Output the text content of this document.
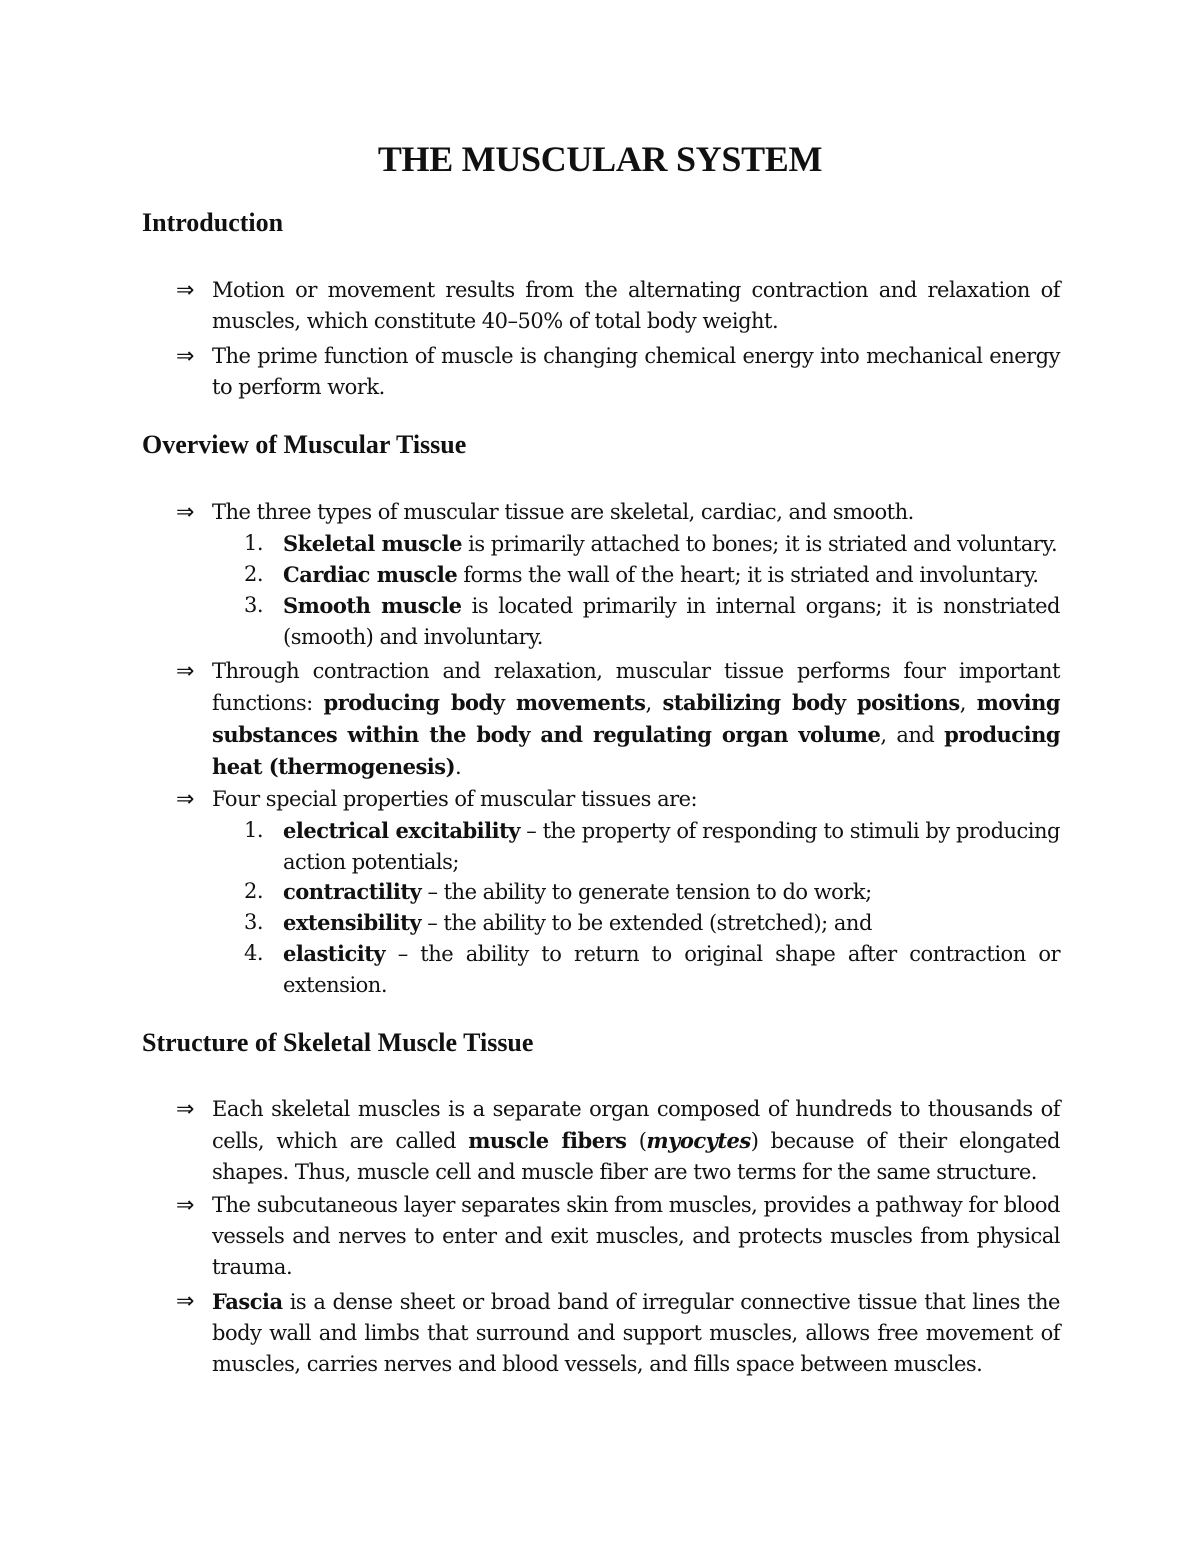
THE MUSCULAR SYSTEM
Introduction
⇒ Motion or movement results from the alternating contraction and relaxation of muscles, which constitute 40–50% of total body weight.
⇒ The prime function of muscle is changing chemical energy into mechanical energy to perform work.
Overview of Muscular Tissue
⇒ The three types of muscular tissue are skeletal, cardiac, and smooth.
1. Skeletal muscle is primarily attached to bones; it is striated and voluntary.
2. Cardiac muscle forms the wall of the heart; it is striated and involuntary.
3. Smooth muscle is located primarily in internal organs; it is nonstriated (smooth) and involuntary.
⇒ Through contraction and relaxation, muscular tissue performs four important functions: producing body movements, stabilizing body positions, moving substances within the body and regulating organ volume, and producing heat (thermogenesis).
⇒ Four special properties of muscular tissues are:
1. electrical excitability – the property of responding to stimuli by producing action potentials;
2. contractility – the ability to generate tension to do work;
3. extensibility – the ability to be extended (stretched); and
4. elasticity – the ability to return to original shape after contraction or extension.
Structure of Skeletal Muscle Tissue
⇒ Each skeletal muscles is a separate organ composed of hundreds to thousands of cells, which are called muscle fibers (myocytes) because of their elongated shapes. Thus, muscle cell and muscle fiber are two terms for the same structure.
⇒ The subcutaneous layer separates skin from muscles, provides a pathway for blood vessels and nerves to enter and exit muscles, and protects muscles from physical trauma.
⇒ Fascia is a dense sheet or broad band of irregular connective tissue that lines the body wall and limbs that surround and support muscles, allows free movement of muscles, carries nerves and blood vessels, and fills space between muscles.
